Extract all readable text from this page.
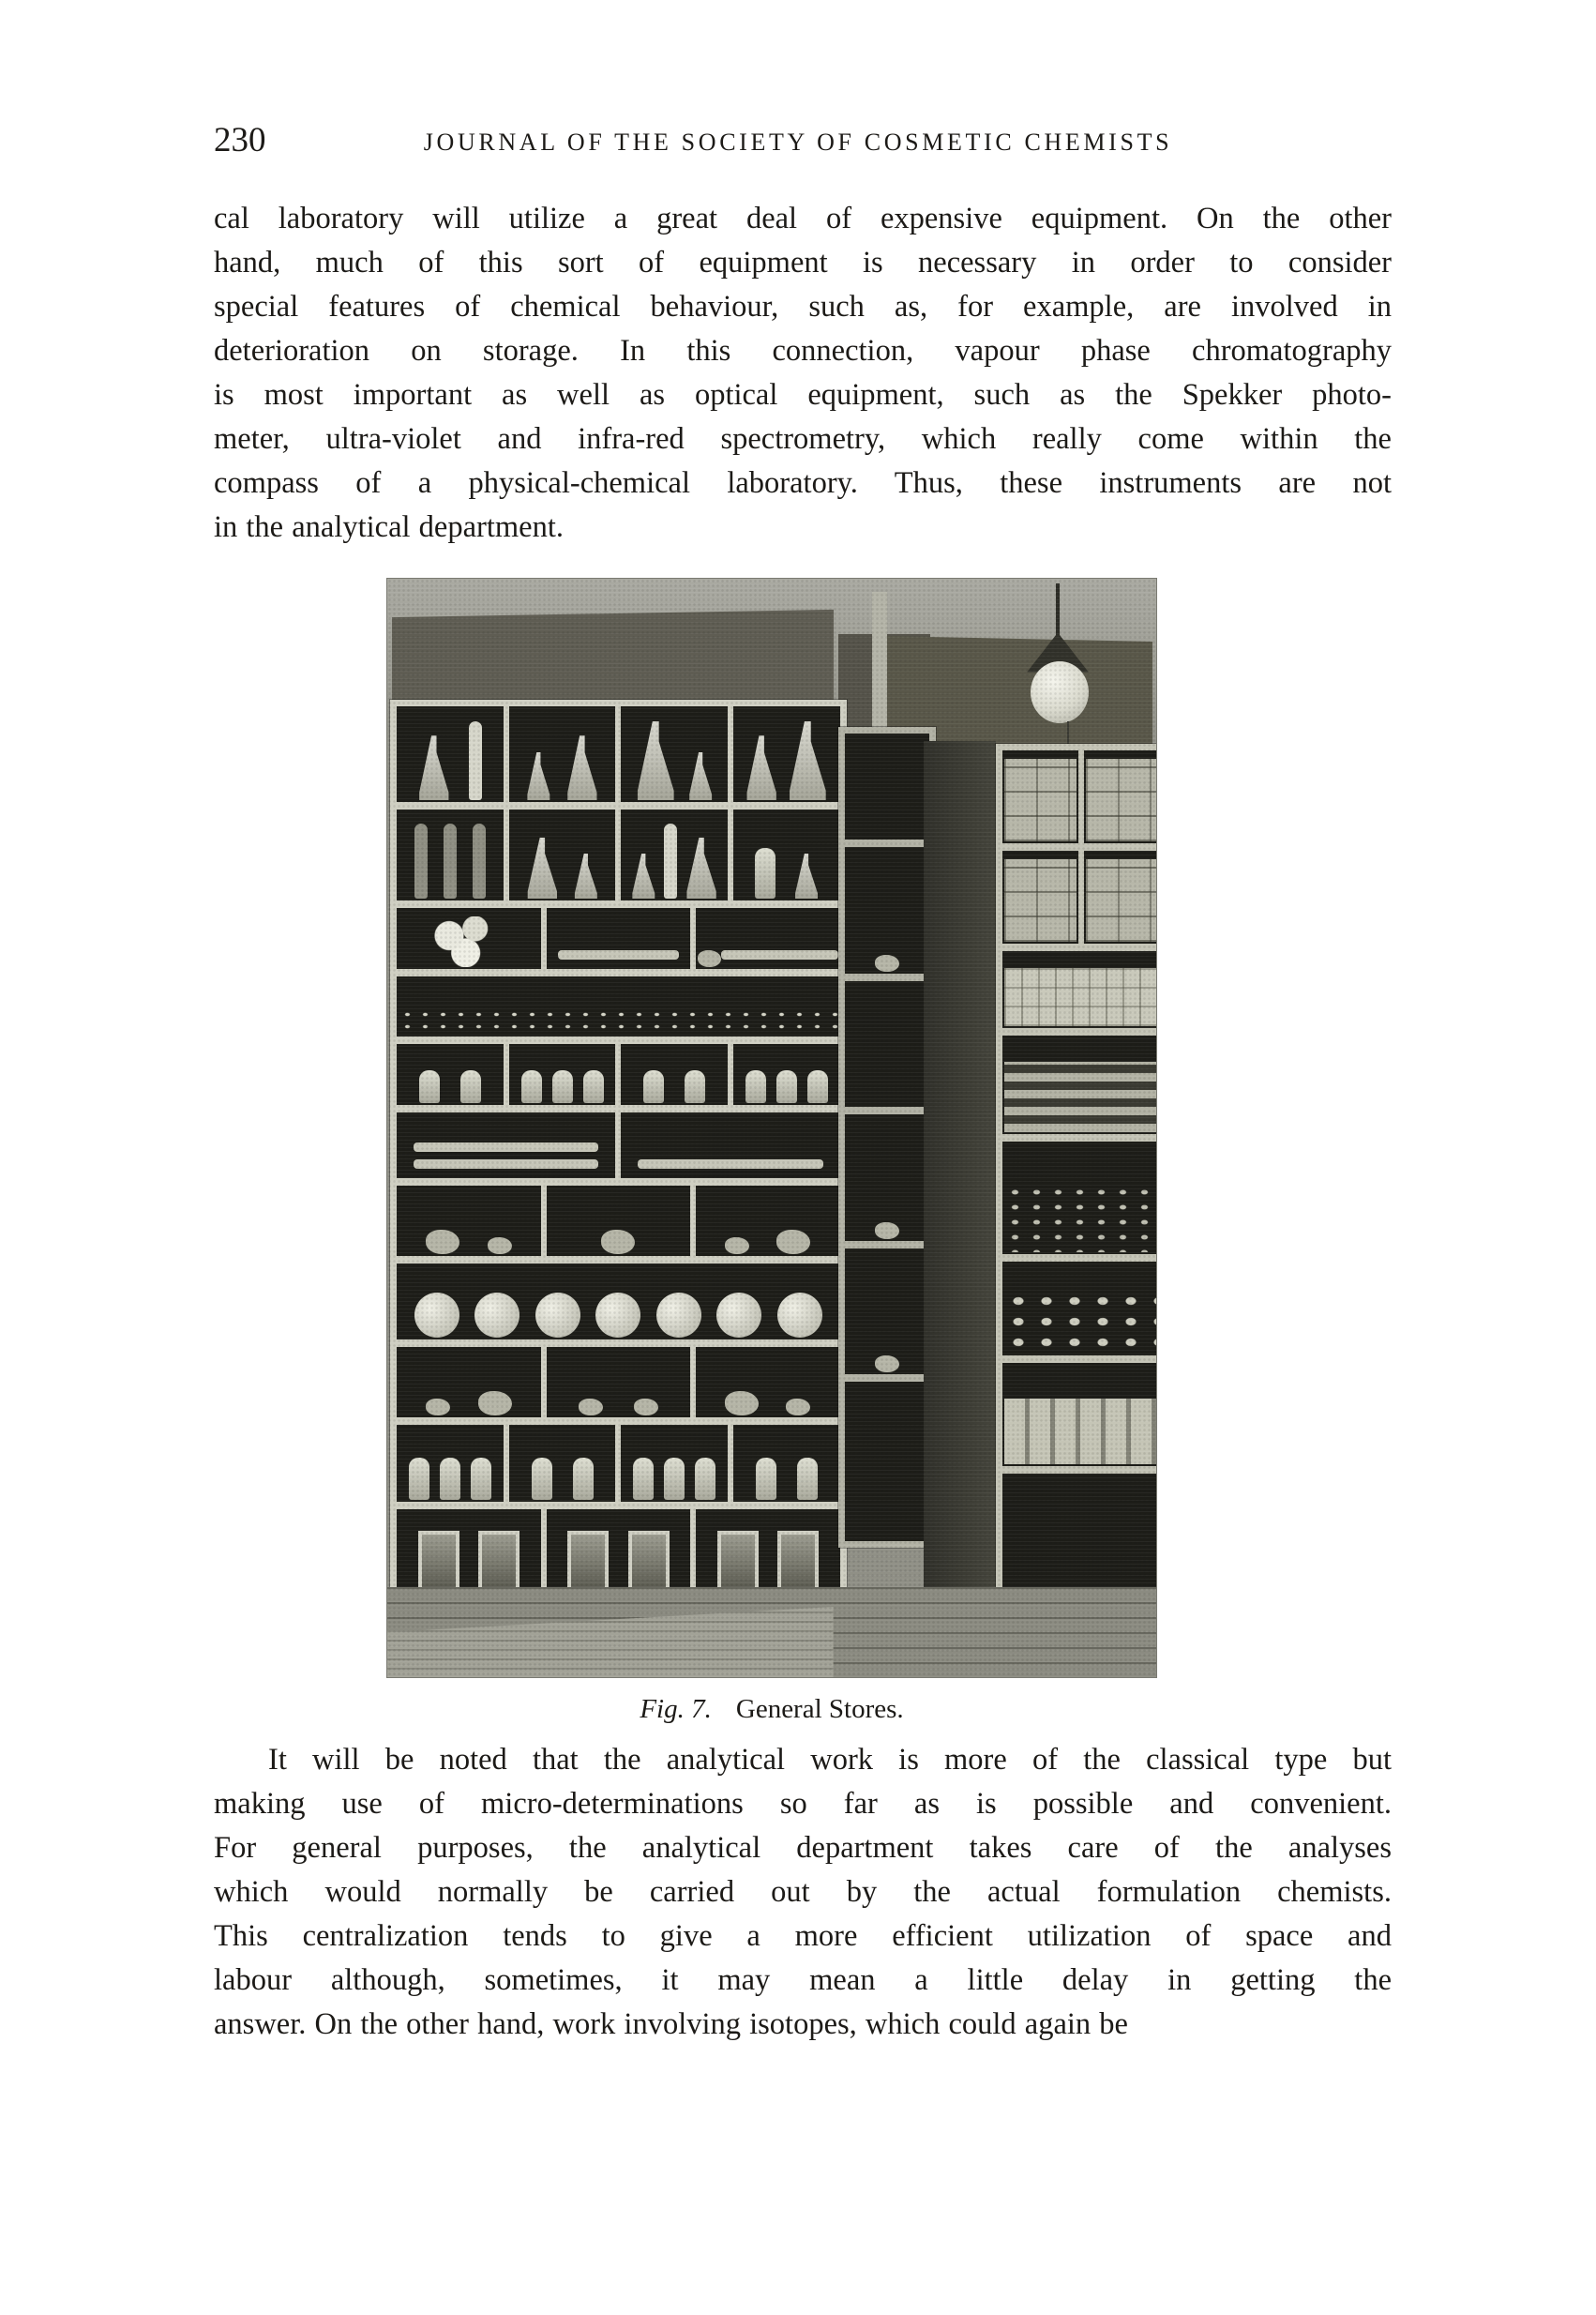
230	JOURNAL OF THE SOCIETY OF COSMETIC CHEMISTS
cal laboratory will utilize a great deal of expensive equipment. On the other
hand, much of this sort of equipment is necessary in order to consider
special features of chemical behaviour, such as, for example, are involved in
deterioration on storage. In this connection, vapour phase chromatography
is most important as well as optical equipment, such as the Spekker photo-
meter, ultra-violet and infra-red spectrometry, which really come within the
compass of a physical-chemical laboratory. Thus, these instruments are not
in the analytical department.
Fig. 7. General Stores.
It will be noted that the analytical work is more of the classical type but
making use of micro-determinations so far as is possible and convenient.
For general purposes, the analytical department takes care of the analyses
which would normally be carried out by the actual formulation chemists.
This centralization tends to give a more efficient utilization of space and
labour although, sometimes, it may mean a little delay in getting the
answer. On the other hand, work involving isotopes, which could again be
